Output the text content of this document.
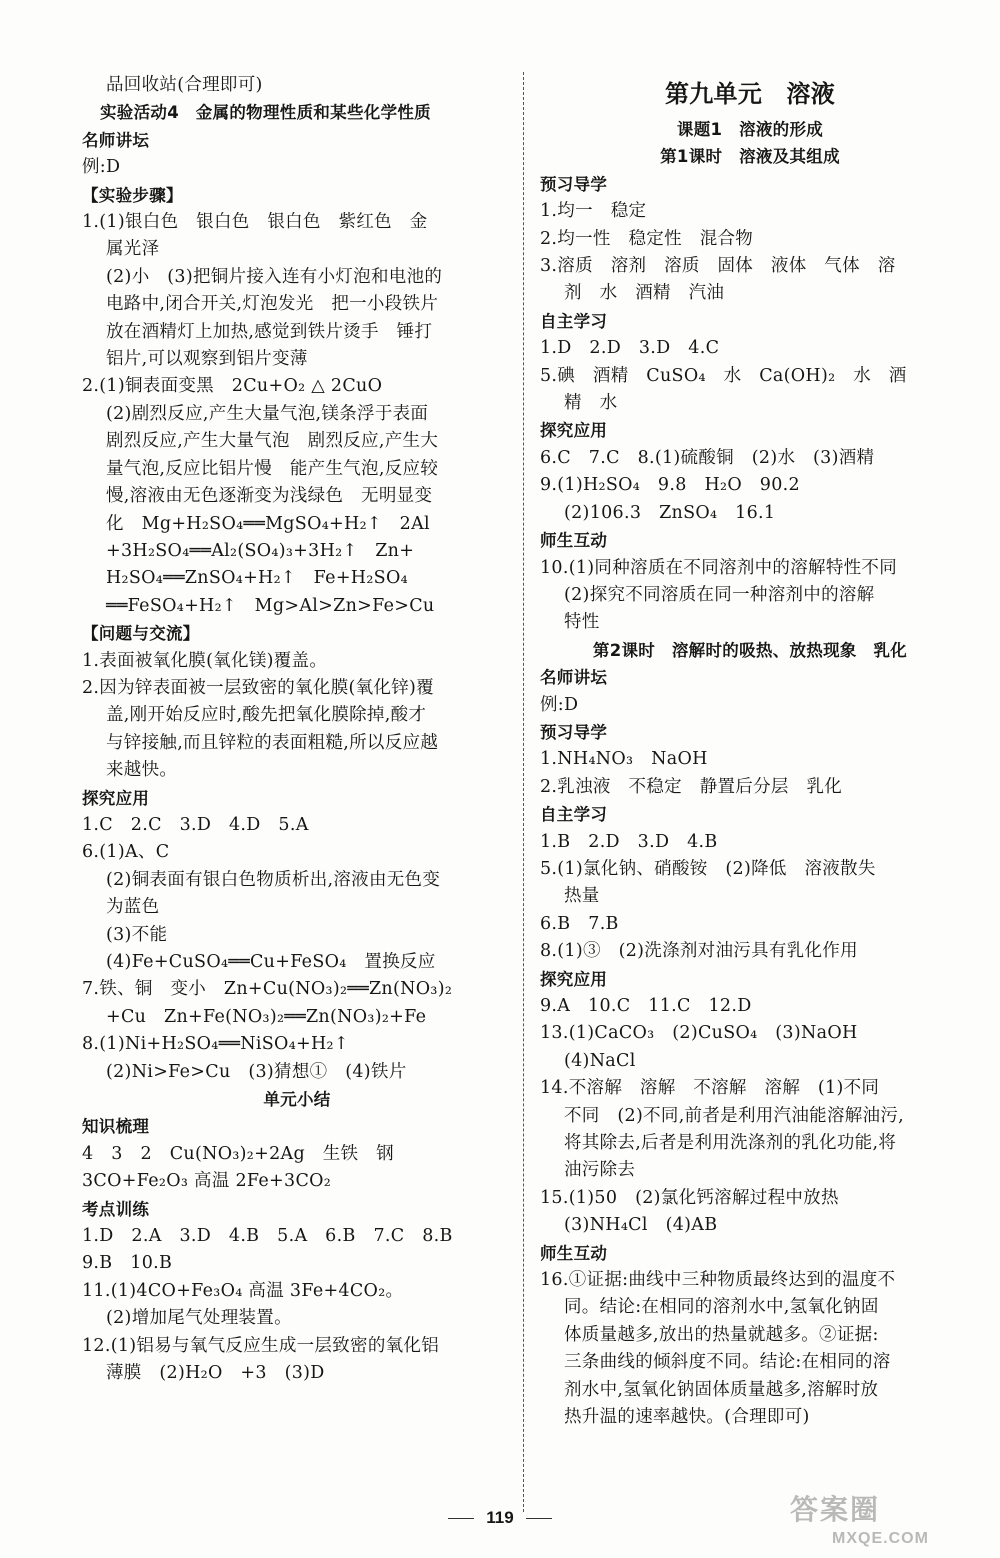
品回收站(合理即可)
实验活动4　金属的物理性质和某些化学性质
名师讲坛
例:D
【实验步骤】
1.(1)银白色　银白色　银白色　紫红色　金
属光泽
(2)小　(3)把铜片接入连有小灯泡和电池的
电路中,闭合开关,灯泡发光　把一小段铁片
放在酒精灯上加热,感觉到铁片烫手　锤打
铝片,可以观察到铝片变薄
2.(1)铜表面变黑　2Cu+O₂ △ 2CuO
(2)剧烈反应,产生大量气泡,镁条浮于表面
剧烈反应,产生大量气泡　剧烈反应,产生大
量气泡,反应比铝片慢　能产生气泡,反应较
慢,溶液由无色逐渐变为浅绿色　无明显变
化　Mg+H₂SO₄══MgSO₄+H₂↑　2Al
+3H₂SO₄══Al₂(SO₄)₃+3H₂↑　Zn+
H₂SO₄══ZnSO₄+H₂↑　Fe+H₂SO₄
══FeSO₄+H₂↑　Mg>Al>Zn>Fe>Cu
【问题与交流】
1.表面被氧化膜(氧化镁)覆盖。
2.因为锌表面被一层致密的氧化膜(氧化锌)覆
盖,刚开始反应时,酸先把氧化膜除掉,酸才
与锌接触,而且锌粒的表面粗糙,所以反应越
来越快。
探究应用
1.C　2.C　3.D　4.D　5.A
6.(1)A、C
(2)铜表面有银白色物质析出,溶液由无色变
为蓝色
(3)不能
(4)Fe+CuSO₄══Cu+FeSO₄　置换反应
7.铁、铜　变小　Zn+Cu(NO₃)₂══Zn(NO₃)₂
+Cu　Zn+Fe(NO₃)₂══Zn(NO₃)₂+Fe
8.(1)Ni+H₂SO₄══NiSO₄+H₂↑
(2)Ni>Fe>Cu　(3)猜想①　(4)铁片
单元小结
知识梳理
4　3　2　Cu(NO₃)₂+2Ag　生铁　钢
3CO+Fe₂O₃ 高温 2Fe+3CO₂
考点训练
1.D　2.A　3.D　4.B　5.A　6.B　7.C　8.B
9.B　10.B
11.(1)4CO+Fe₃O₄ 高温 3Fe+4CO₂。
(2)增加尾气处理装置。
12.(1)铝易与氧气反应生成一层致密的氧化铝
薄膜　(2)H₂O　+3　(3)D
第九单元　溶液
课题1　溶液的形成
第1课时　溶液及其组成
预习导学
1.均一　稳定
2.均一性　稳定性　混合物
3.溶质　溶剂　溶质　固体　液体　气体　溶
剂　水　酒精　汽油
自主学习
1.D　2.D　3.D　4.C
5.碘　酒精　CuSO₄　水　Ca(OH)₂　水　酒
精　水
探究应用
6.C　7.C　8.(1)硫酸铜　(2)水　(3)酒精
9.(1)H₂SO₄　9.8　H₂O　90.2
(2)106.3　ZnSO₄　16.1
师生互动
10.(1)同种溶质在不同溶剂中的溶解特性不同
(2)探究不同溶质在同一种溶剂中的溶解
特性
第2课时　溶解时的吸热、放热现象　乳化
名师讲坛
例:D
预习导学
1.NH₄NO₃　NaOH
2.乳浊液　不稳定　静置后分层　乳化
自主学习
1.B　2.D　3.D　4.B
5.(1)氯化钠、硝酸铵　(2)降低　溶液散失
热量
6.B　7.B
8.(1)③　(2)洗涤剂对油污具有乳化作用
探究应用
9.A　10.C　11.C　12.D
13.(1)CaCO₃　(2)CuSO₄　(3)NaOH
(4)NaCl
14.不溶解　溶解　不溶解　溶解　(1)不同
不同　(2)不同,前者是利用汽油能溶解油污,
将其除去,后者是利用洗涤剂的乳化功能,将
油污除去
15.(1)50　(2)氯化钙溶解过程中放热
(3)NH₄Cl　(4)AB
师生互动
16.①证据:曲线中三种物质最终达到的温度不
同。结论:在相同的溶剂水中,氢氧化钠固
体质量越多,放出的热量就越多。②证据:
三条曲线的倾斜度不同。结论:在相同的溶
剂水中,氢氧化钠固体质量越多,溶解时放
热升温的速率越快。(合理即可)
119	答案圈
MXQE.COM
